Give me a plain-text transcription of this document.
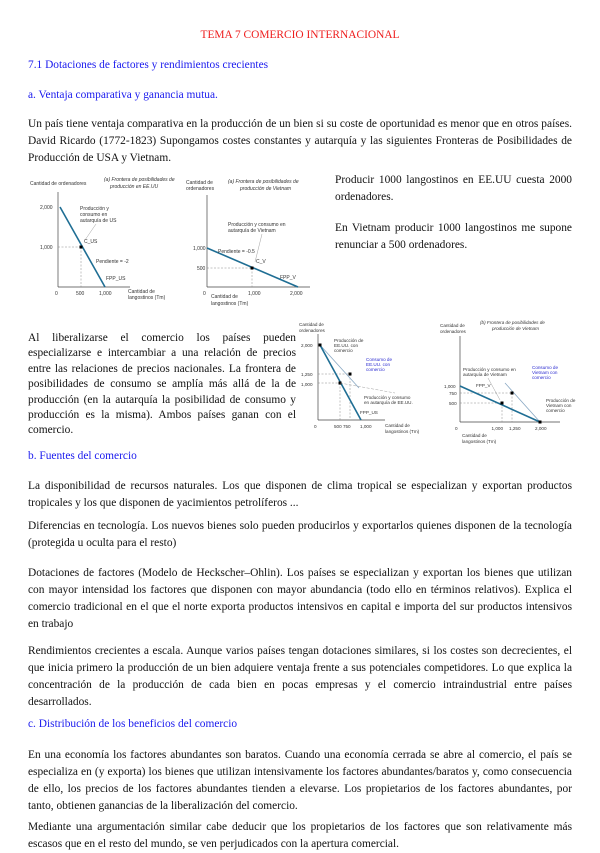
TEMA 7 COMERCIO INTERNACIONAL

7.1 Dotaciones de factores y rendimientos crecientes

a. Ventaja comparativa y ganancia mutua.

Un país tiene ventaja comparativa en la producción de un bien si su coste de oportunidad es menor que en otros países. David Ricardo (1772-1823) Supongamos costes constantes y autarquía y las siguientes Fronteras de Posibilidades de Producción de USA y Vietnam.

Cantidad de ordenadores
(a) Frontera de posibilidades de
producción en EE.UU
2,000
1,000
0	500	1,000
Producción y
consumo en
autarquía de US
C_US
Pendiente = -2
FPP_US
Cantidad de
langostinos (Tm)
Cantidad de
ordenadores
(a) Frontera de posibilidades de
producción de Vietnam
1,000
500
0	1,000	2,000
Producción y consumo en
autarquía de Vietnam
C_V
Pendiente = -0.5
FPP_V
Cantidad de
langostinos (Tm)

Producir 1000 langostinos en EE.UU cuesta 2000 ordenadores.

En Vietnam producir 1000 langostinos me supone renunciar a 500 ordenadores.

Al liberalizarse el comercio los países pueden especializarse e intercambiar a una relación de precios entre las relaciones de precios nacionales. La frontera de posibilidades de consumo se amplía más allá de la de producción (en la autarquía la posibilidad de consumo y producción es la misma). Ambos países ganan con el comercio.

Cantidad de
ordenadores
2,000
1,250
1,000
0	500 750 1,000
Producción de
EE.UU. con
comercio
Consumo de
EE.UU. con
comercio
Producción y consumo
en autarquía de EE.UU.
FPP_US
Cantidad de
langostinos (Tm)
(b) Frontera de posibilidades de
producción de Vietnam
Cantidad de
ordenadores
1,000
750
500
0	1,000 1,250	2,000
Producción y consumo en
autarquía de Vietnam
Consumo de
Vietnam con
comercio
Producción de
Vietnam con
comercio
FPP_V
Cantidad de
langostinos (Tm)

b. Fuentes del comercio

La disponibilidad de recursos naturales. Los que disponen de clima tropical se especializan y exportan productos tropicales y los que disponen de yacimientos petrolíferos ...

Diferencias en tecnología. Los nuevos bienes solo pueden producirlos y exportarlos quienes disponen de la tecnología (protegida u oculta para el resto)

Dotaciones de factores (Modelo de Heckscher–Ohlin). Los países se especializan y exportan los bienes que utilizan con mayor intensidad los factores que disponen con mayor abundancia (todo ello en términos relativos). Explica el comercio tradicional en el que el norte exporta productos intensivos en capital e importa del sur productos intensivos en trabajo

Rendimientos crecientes a escala. Aunque varios países tengan dotaciones similares, si los costes son decrecientes, el que inicia primero la producción de un bien adquiere ventaja frente a sus potenciales competidores. Lo que explica la concentración de la producción de cada bien en pocas empresas y el comercio intraindustrial entre países desarrollados.

c. Distribución de los beneficios del comercio

En una economía los factores abundantes son baratos. Cuando una economía cerrada se abre al comercio, el país se especializa en (y exporta) los bienes que utilizan intensivamente los factores abundantes/baratos y, como consecuencia de ello, los precios de los factores abundantes tienden a elevarse. Los propietarios de los factores abundantes, por tanto, obtienen ganancias de la liberalización del comercio.

Mediante una argumentación similar cabe deducir que los propietarios de los factores que son relativamente más escasos que en el resto del mundo, se ven perjudicados con la apertura comercial.
